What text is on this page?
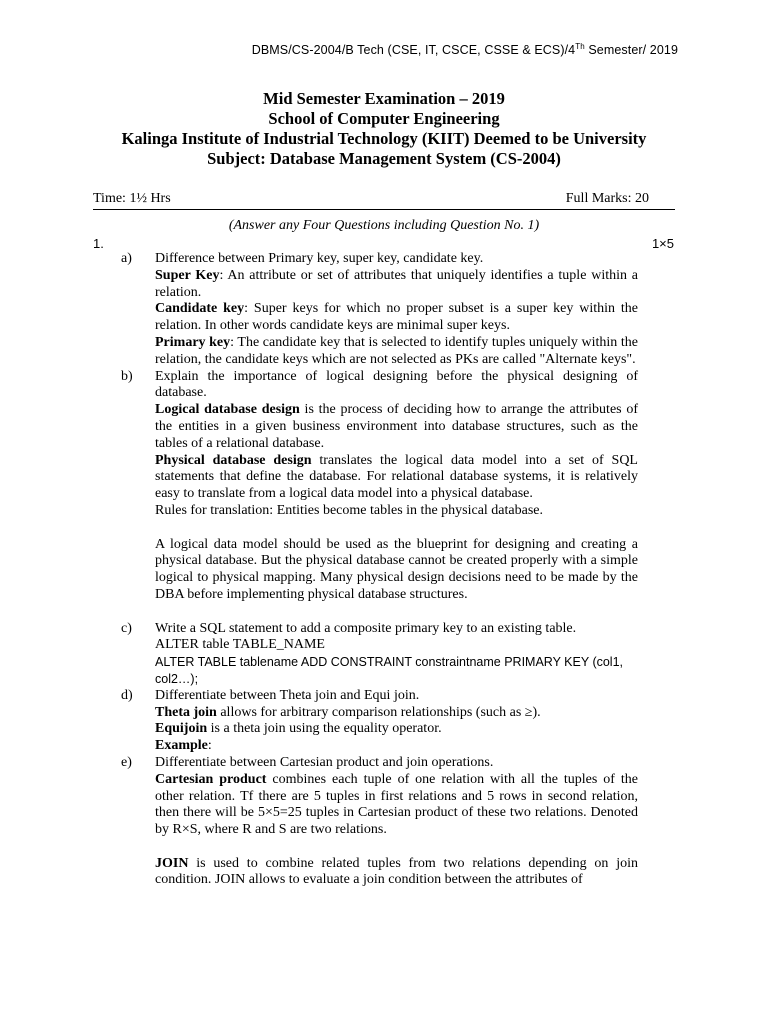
DBMS/CS-2004/B Tech (CSE, IT, CSCE, CSSE & ECS)/4Th Semester/ 2019
Mid Semester Examination – 2019
School of Computer Engineering
Kalinga Institute of Industrial Technology (KIIT) Deemed to be University
Subject: Database Management System (CS-2004)
Time: 1½ Hrs	Full Marks: 20
(Answer any Four Questions including Question No. 1)
1.	1×5
a) Difference between Primary key, super key, candidate key.

Super Key: An attribute or set of attributes that uniquely identifies a tuple within a relation.

Candidate key: Super keys for which no proper subset is a super key within the relation. In other words candidate keys are minimal super keys.

Primary key: The candidate key that is selected to identify tuples uniquely within the relation, the candidate keys which are not selected as PKs are called "Alternate keys".

b) Explain the importance of logical designing before the physical designing of database.

Logical database design is the process of deciding how to arrange the attributes of the entities in a given business environment into database structures, such as the tables of a relational database.

Physical database design translates the logical data model into a set of SQL statements that define the database. For relational database systems, it is relatively easy to translate from a logical data model into a physical database.

Rules for translation: Entities become tables in the physical database.

A logical data model should be used as the blueprint for designing and creating a physical database. But the physical database cannot be created properly with a simple logical to physical mapping. Many physical design decisions need to be made by the DBA before implementing physical database structures.

c) Write a SQL statement to add a composite primary key to an existing table.

ALTER table TABLE_NAME

ALTER TABLE tablename ADD CONSTRAINT constraintname PRIMARY KEY (col1, col2…);

d) Differentiate between Theta join and Equi join.

Theta join allows for arbitrary comparison relationships (such as ≥).

Equijoin is a theta join using the equality operator.

Example:

e) Differentiate between Cartesian product and join operations.

Cartesian product combines each tuple of one relation with all the tuples of the other relation. Tf there are 5 tuples in first relations and 5 rows in second relation, then there will be 5×5=25 tuples in Cartesian product of these two relations. Denoted by R×S, where R and S are two relations.

JOIN is used to combine related tuples from two relations depending on join condition. JOIN allows to evaluate a join condition between the attributes of
